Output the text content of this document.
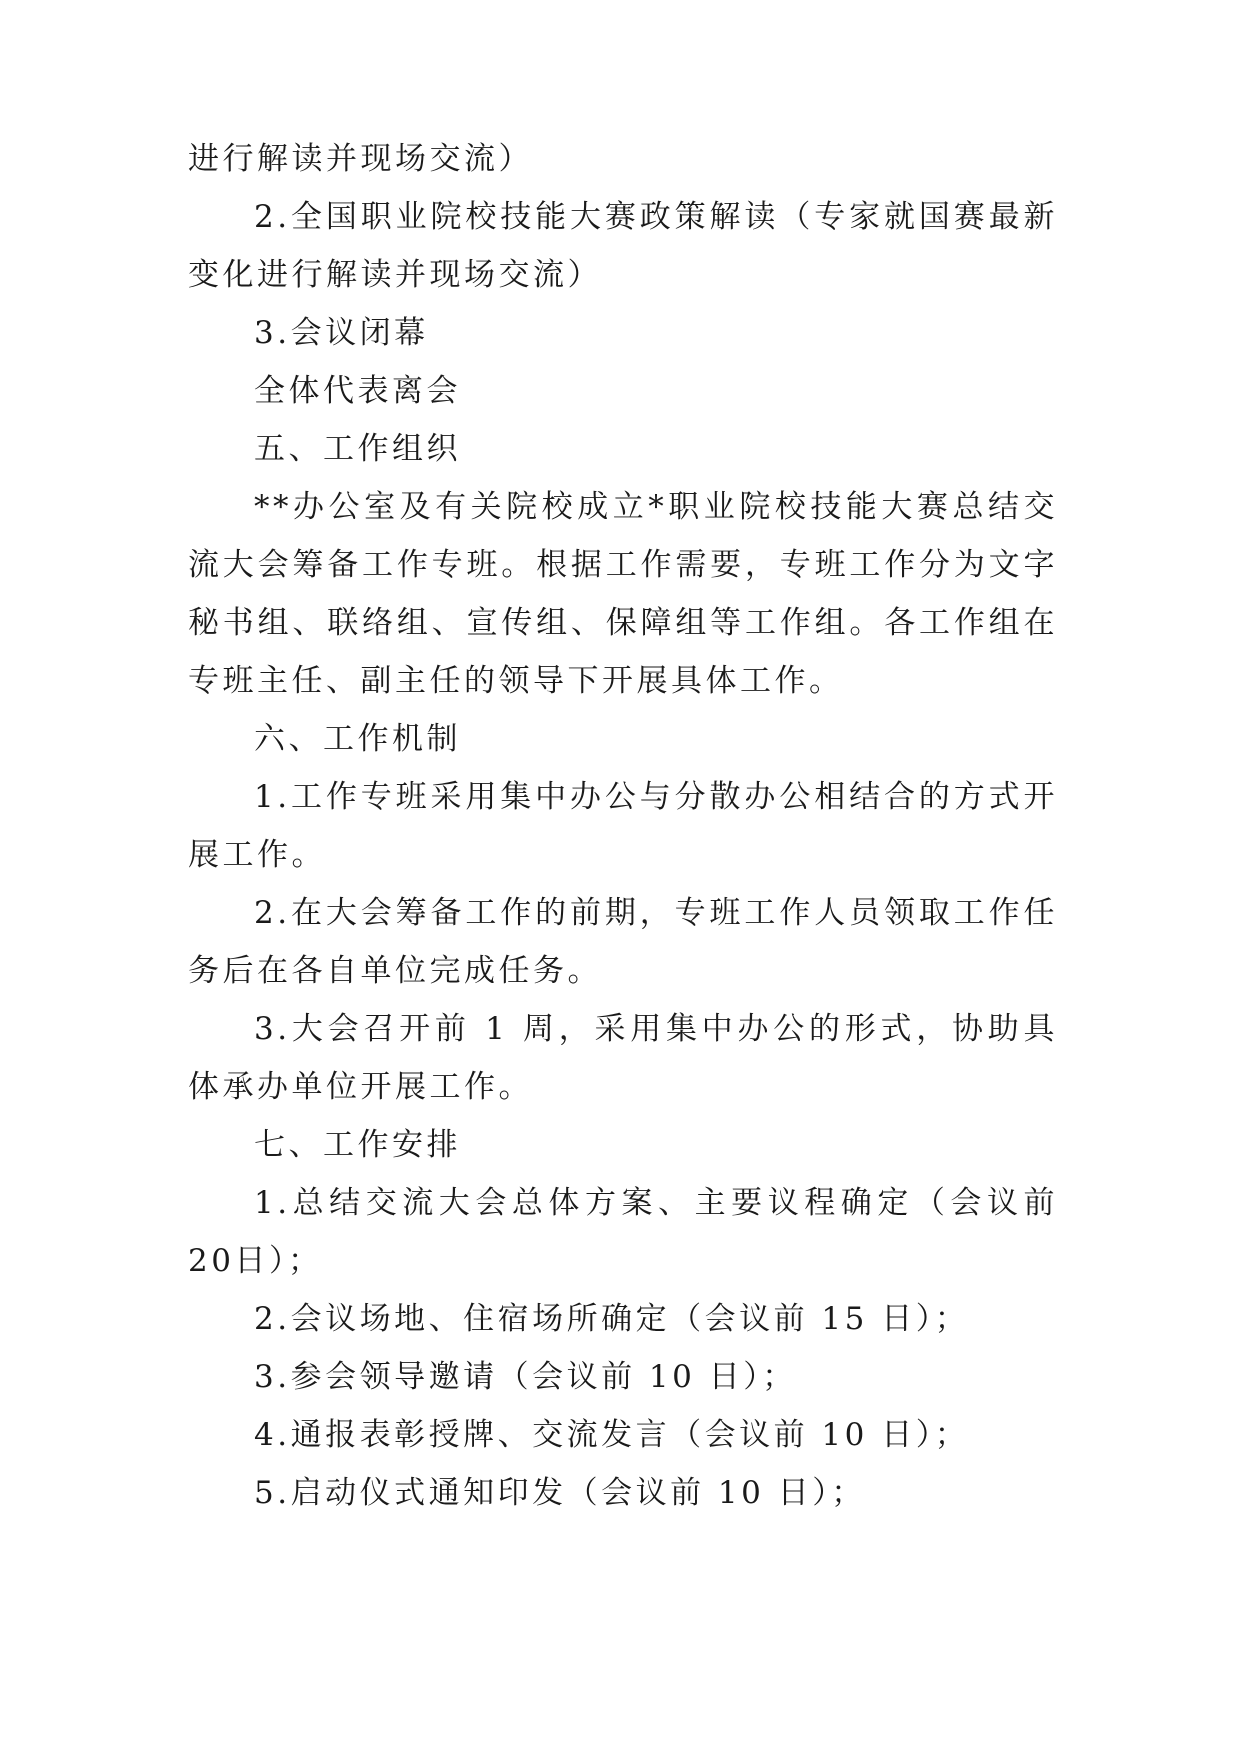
进行解读并现场交流）

2.全国职业院校技能大赛政策解读（专家就国赛最新变化进行解读并现场交流）

3.会议闭幕

全体代表离会

五、工作组织

**办公室及有关院校成立*职业院校技能大赛总结交流大会筹备工作专班。根据工作需要，专班工作分为文字秘书组、联络组、宣传组、保障组等工作组。各工作组在专班主任、副主任的领导下开展具体工作。

六、工作机制

1.工作专班采用集中办公与分散办公相结合的方式开展工作。

2.在大会筹备工作的前期，专班工作人员领取工作任务后在各自单位完成任务。

3.大会召开前 1 周，采用集中办公的形式，协助具体承办单位开展工作。

七、工作安排

1.总结交流大会总体方案、主要议程确定（会议前 20日）；

2.会议场地、住宿场所确定（会议前 15 日）；

3.参会领导邀请（会议前 10 日）；

4.通报表彰授牌、交流发言（会议前 10 日）；

5.启动仪式通知印发（会议前 10 日）；
